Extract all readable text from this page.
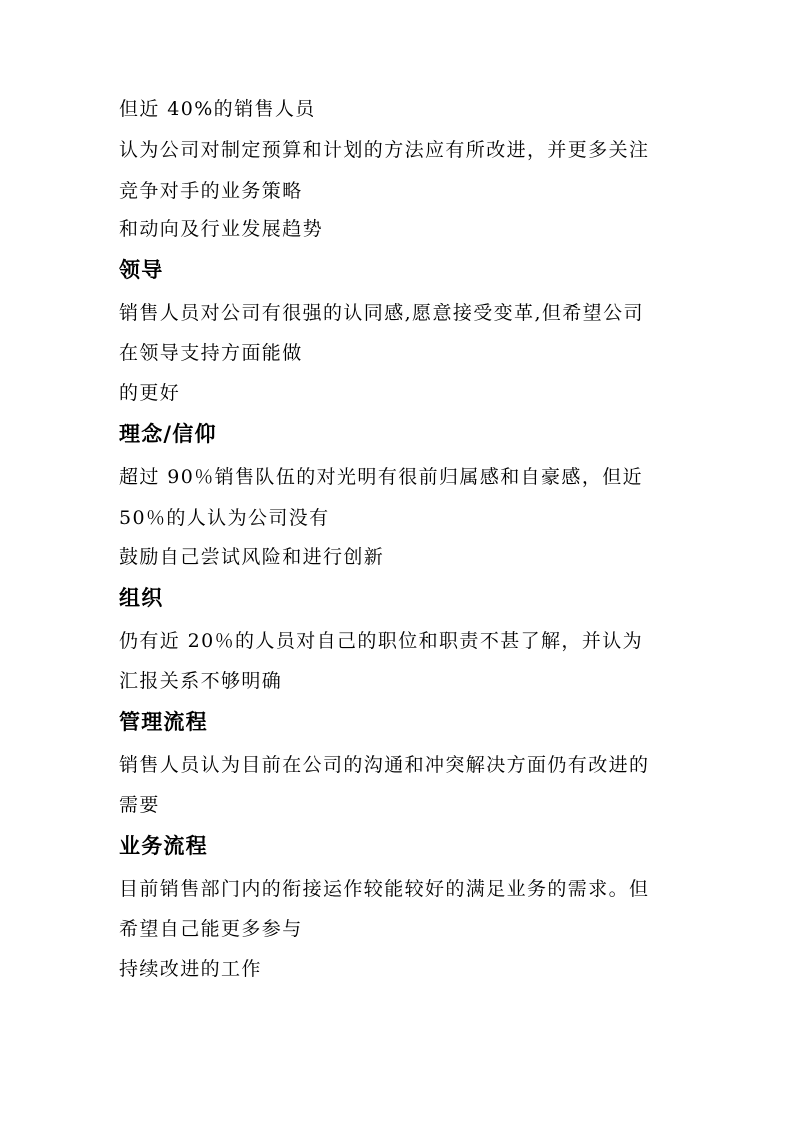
但近 40%的销售人员
认为公司对制定预算和计划的方法应有所改进，并更多关注
竞争对手的业务策略
和动向及行业发展趋势
领导
销售人员对公司有很强的认同感,愿意接受变革,但希望公司
在领导支持方面能做
的更好
理念/信仰
超过 90％销售队伍的对光明有很前归属感和自豪感，但近
50％的人认为公司没有
鼓励自己尝试风险和进行创新
组织
仍有近 20％的人员对自己的职位和职责不甚了解，并认为
汇报关系不够明确
管理流程
销售人员认为目前在公司的沟通和冲突解决方面仍有改进的
需要
业务流程
目前销售部门内的衔接运作较能较好的满足业务的需求。但
希望自己能更多参与
持续改进的工作
